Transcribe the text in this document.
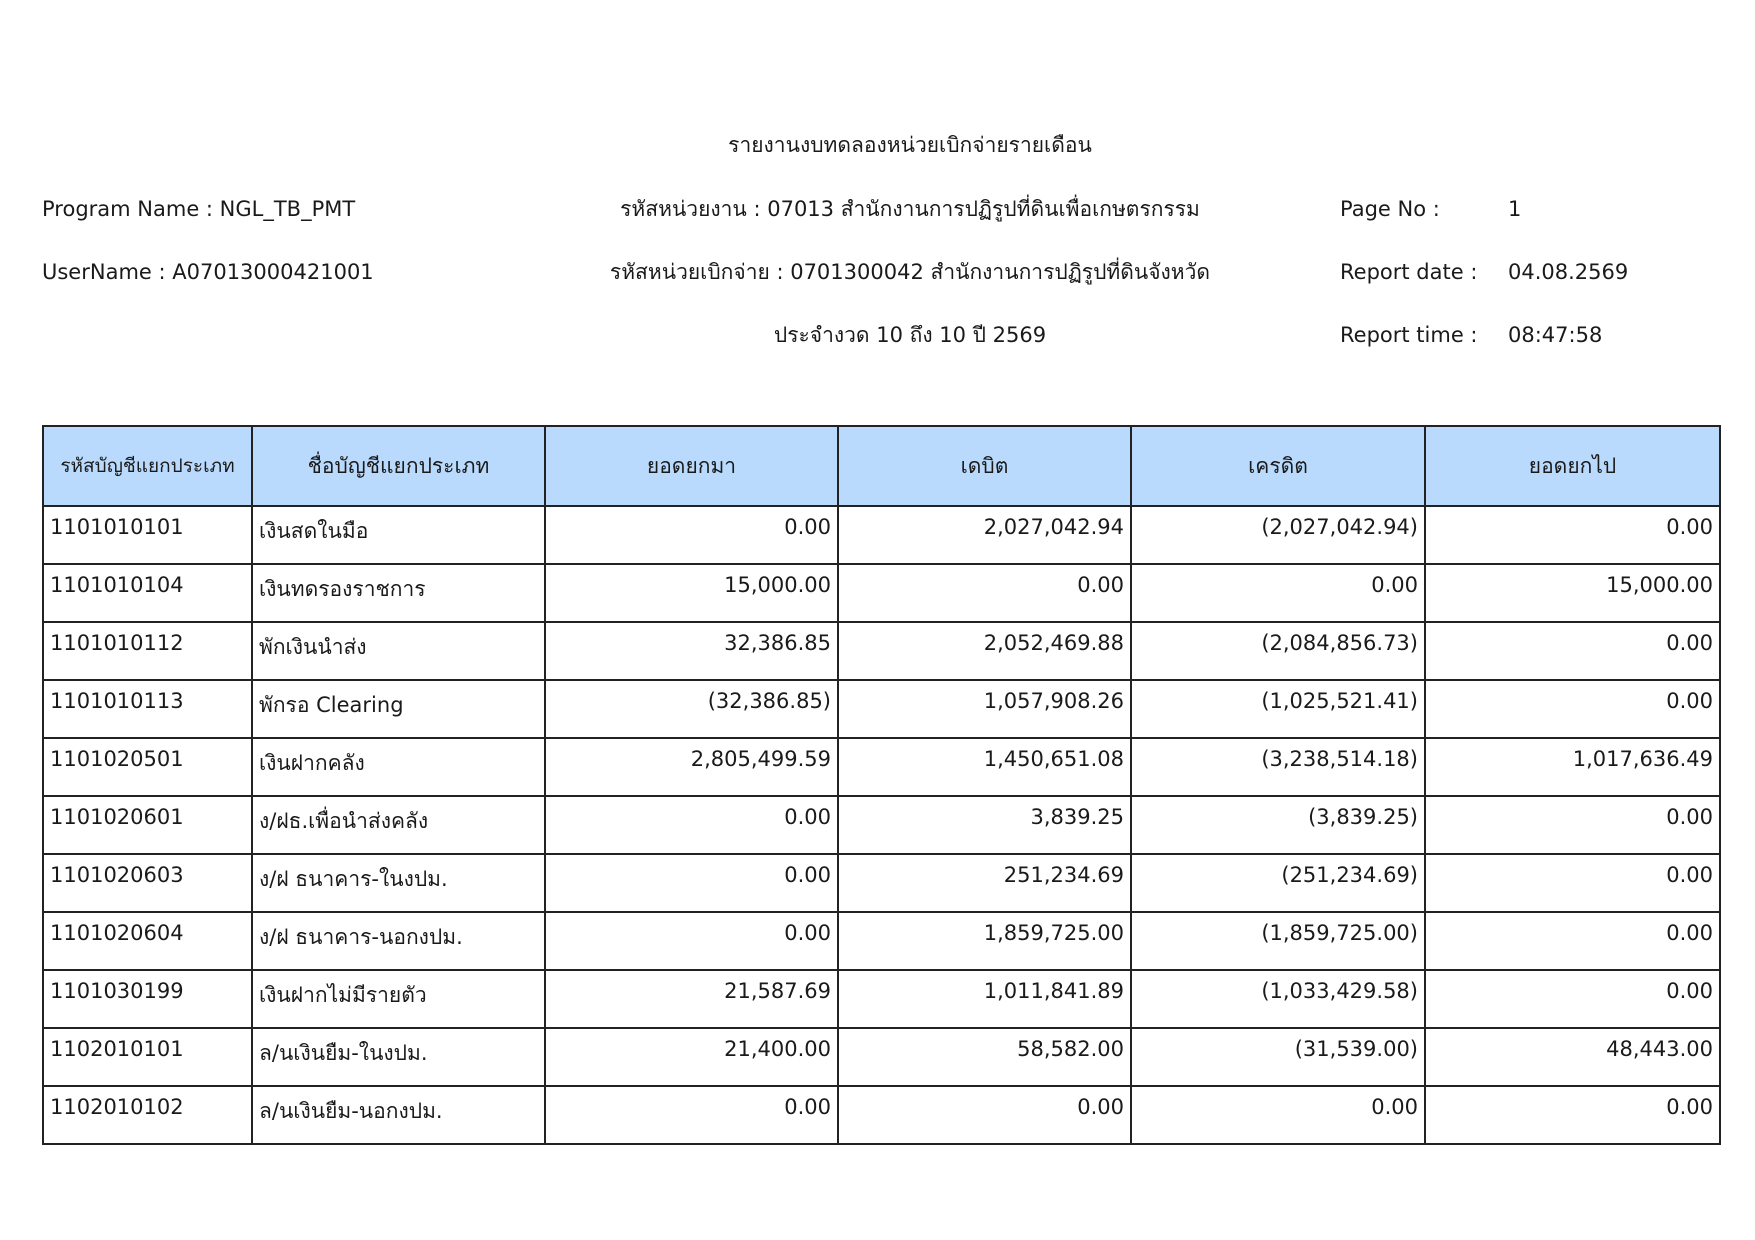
รายงานงบทดลองหน่วยเบิกจ่ายรายเดือน
Program Name : NGL_TB_PMT	รหัสหน่วยงาน : 07013 สำนักงานการปฏิรูปที่ดินเพื่อเกษตรกรรม	Page No :	1
UserName : A07013000421001	รหัสหน่วยเบิกจ่าย : 0701300042 สำนักงานการปฏิรูปที่ดินจังหวัด	Report date : 04.08.2569
ประจำงวด 10 ถึง 10 ปี 2569	Report time : 08:47:58
รหัสบัญชีแยกประเภท	ชื่อบัญชีแยกประเภท	ยอดยกมา	เดบิต	เครดิต	ยอดยกไป
1101010101	เงินสดในมือ	0.00	2,027,042.94	(2,027,042.94)	0.00
1101010104	เงินทดรองราชการ	15,000.00	0.00	0.00	15,000.00
1101010112	พักเงินนำส่ง	32,386.85	2,052,469.88	(2,084,856.73)	0.00
1101010113	พักรอ Clearing	(32,386.85)	1,057,908.26	(1,025,521.41)	0.00
1101020501	เงินฝากคลัง	2,805,499.59	1,450,651.08	(3,238,514.18)	1,017,636.49
1101020601	ง/ฝธ.เพื่อนำส่งคลัง	0.00	3,839.25	(3,839.25)	0.00
1101020603	ง/ฝ ธนาคาร-ในงปม.	0.00	251,234.69	(251,234.69)	0.00
1101020604	ง/ฝ ธนาคาร-นอกงปม.	0.00	1,859,725.00	(1,859,725.00)	0.00
1101030199	เงินฝากไม่มีรายตัว	21,587.69	1,011,841.89	(1,033,429.58)	0.00
1102010101	ล/นเงินยืม-ในงปม.	21,400.00	58,582.00	(31,539.00)	48,443.00
1102010102	ล/นเงินยืม-นอกงปม.	0.00	0.00	0.00	0.00
